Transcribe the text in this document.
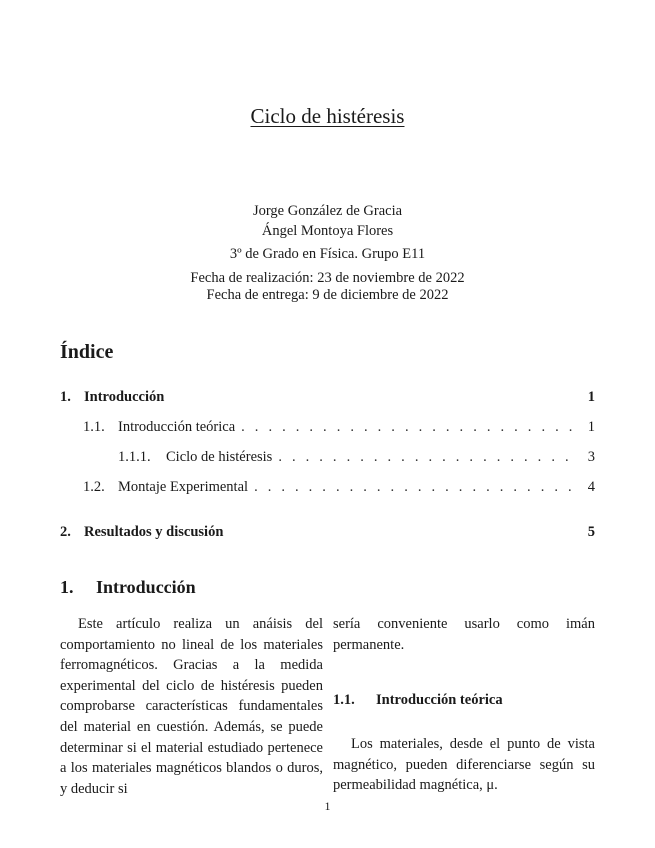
Ciclo de histéresis
Jorge González de Gracia
Ángel Montoya Flores
3º de Grado en Física. Grupo E11
Fecha de realización: 23 de noviembre de 2022
Fecha de entrega: 9 de diciembre de 2022
Índice
1. Introducción	1
1.1. Introducción teórica . . .	1
1.1.1.	Ciclo de histéresis . . .	3
1.2. Montaje Experimental . . .	4
2. Resultados y discusión	5
1. Introducción

Este artículo realiza un anáisis del comportamiento no lineal de los materiales ferromagnéticos. Gracias a la medida experimental del ciclo de histéresis pueden comprobarse características fundamentales del material en cuestión. Además, se puede determinar si el material estudiado pertenece a los materiales magnéticos blandos o duros, y deducir si

sería conveniente usarlo como imán permanente.

1.1. Introducción teórica

Los materiales, desde el punto de vista magnético, pueden diferenciarse según su permeabilidad magnética, μ.

1
